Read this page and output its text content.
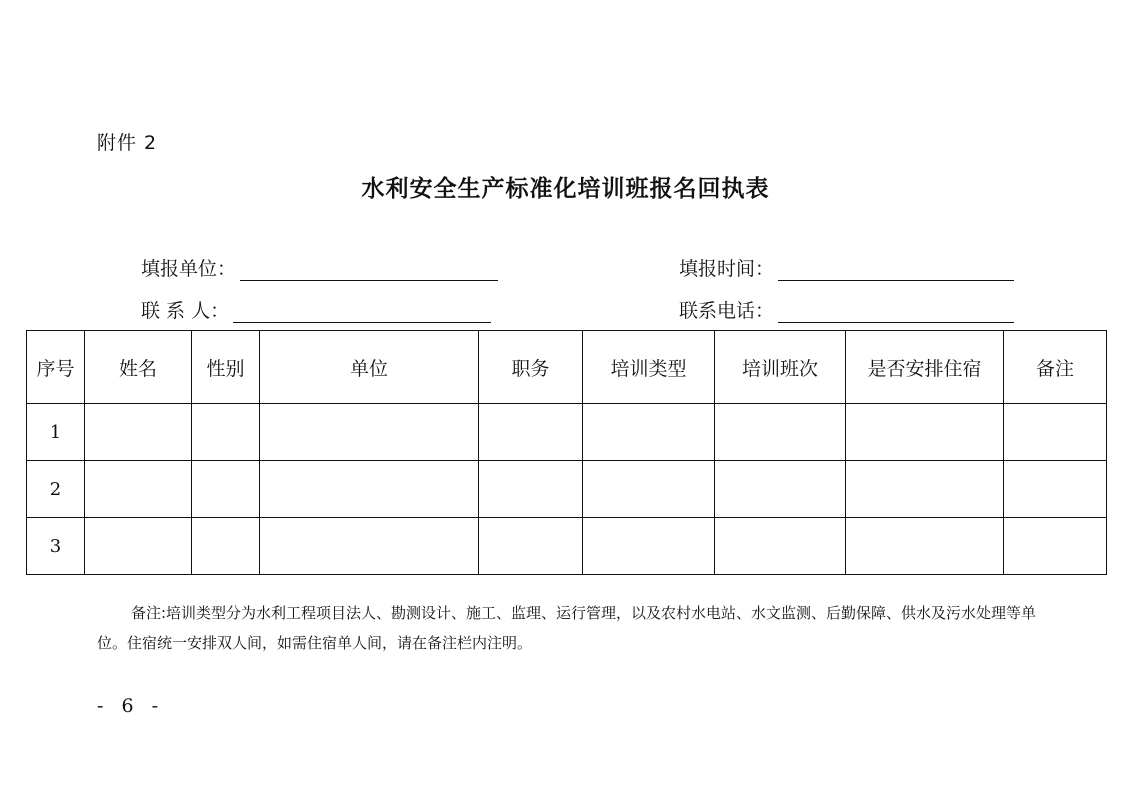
附件 2
水利安全生产标准化培训班报名回执表
填报单位：	填报时间：
联 系 人：	联系电话：
序号	姓名	性别	单位	职务	培训类型	培训班次	是否安排住宿	备注
1								
2								
3								
备注:培训类型分为水利工程项目法人、勘测设计、施工、监理、运行管理，以及农村水电站、水文监测、后勤保障、供水及污水处理等单位。住宿统一安排双人间，如需住宿单人间，请在备注栏内注明。
- 6 -
